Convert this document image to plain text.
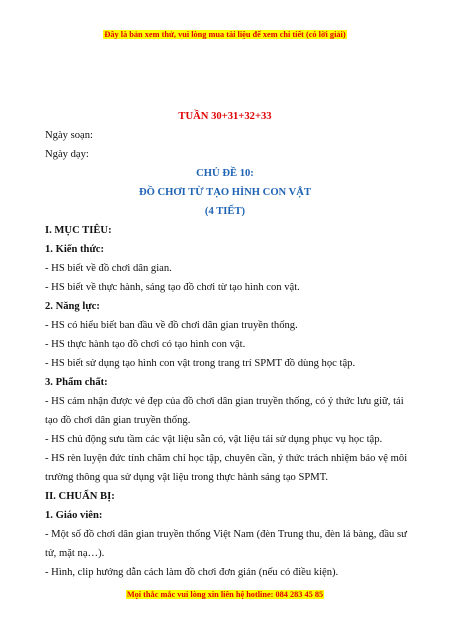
Đây là bản xem thử, vui lòng mua tài liệu để xem chi tiết (có lời giải)
TUẦN 30+31+32+33
Ngày soạn:
Ngày dạy:
CHỦ ĐỀ 10:
ĐỒ CHƠI TỪ TẠO HÌNH CON VẬT
(4 TIẾT)
I. MỤC TIÊU:
1. Kiến thức:
- HS biết về đồ chơi dân gian.
- HS biết về thực hành, sáng tạo đồ chơi từ tạo hình con vật.
2. Năng lực:
- HS có hiểu biết ban đầu về đồ chơi dân gian truyền thống.
- HS thực hành tạo đồ chơi có tạo hình con vật.
- HS biết sử dụng tạo hình con vật trong trang trí SPMT đồ dùng học tập.
3. Phẩm chất:
- HS cảm nhận được vẻ đẹp của đồ chơi dân gian truyền thống, có ý thức lưu giữ, tái
tạo đồ chơi dân gian truyền thống.
- HS chủ động sưu tầm các vật liệu sẵn có, vật liệu tái sử dụng phục vụ học tập.
- HS rèn luyện đức tính chăm chỉ học tập, chuyên cần, ý thức trách nhiệm bảo vệ môi
trường thông qua sử dụng vật liệu trong thực hành sáng tạo SPMT.
II. CHUẨN BỊ:
1. Giáo viên:
- Một số đồ chơi dân gian truyền thống Việt Nam (đèn Trung thu, đèn lá bàng, đầu sư
tử, mặt nạ…).
- Hình, clip hướng dẫn cách làm đồ chơi đơn giản (nếu có điều kiện).
Mọi thắc mắc vui lòng xin liên hệ hotline: 084 283 45 85
